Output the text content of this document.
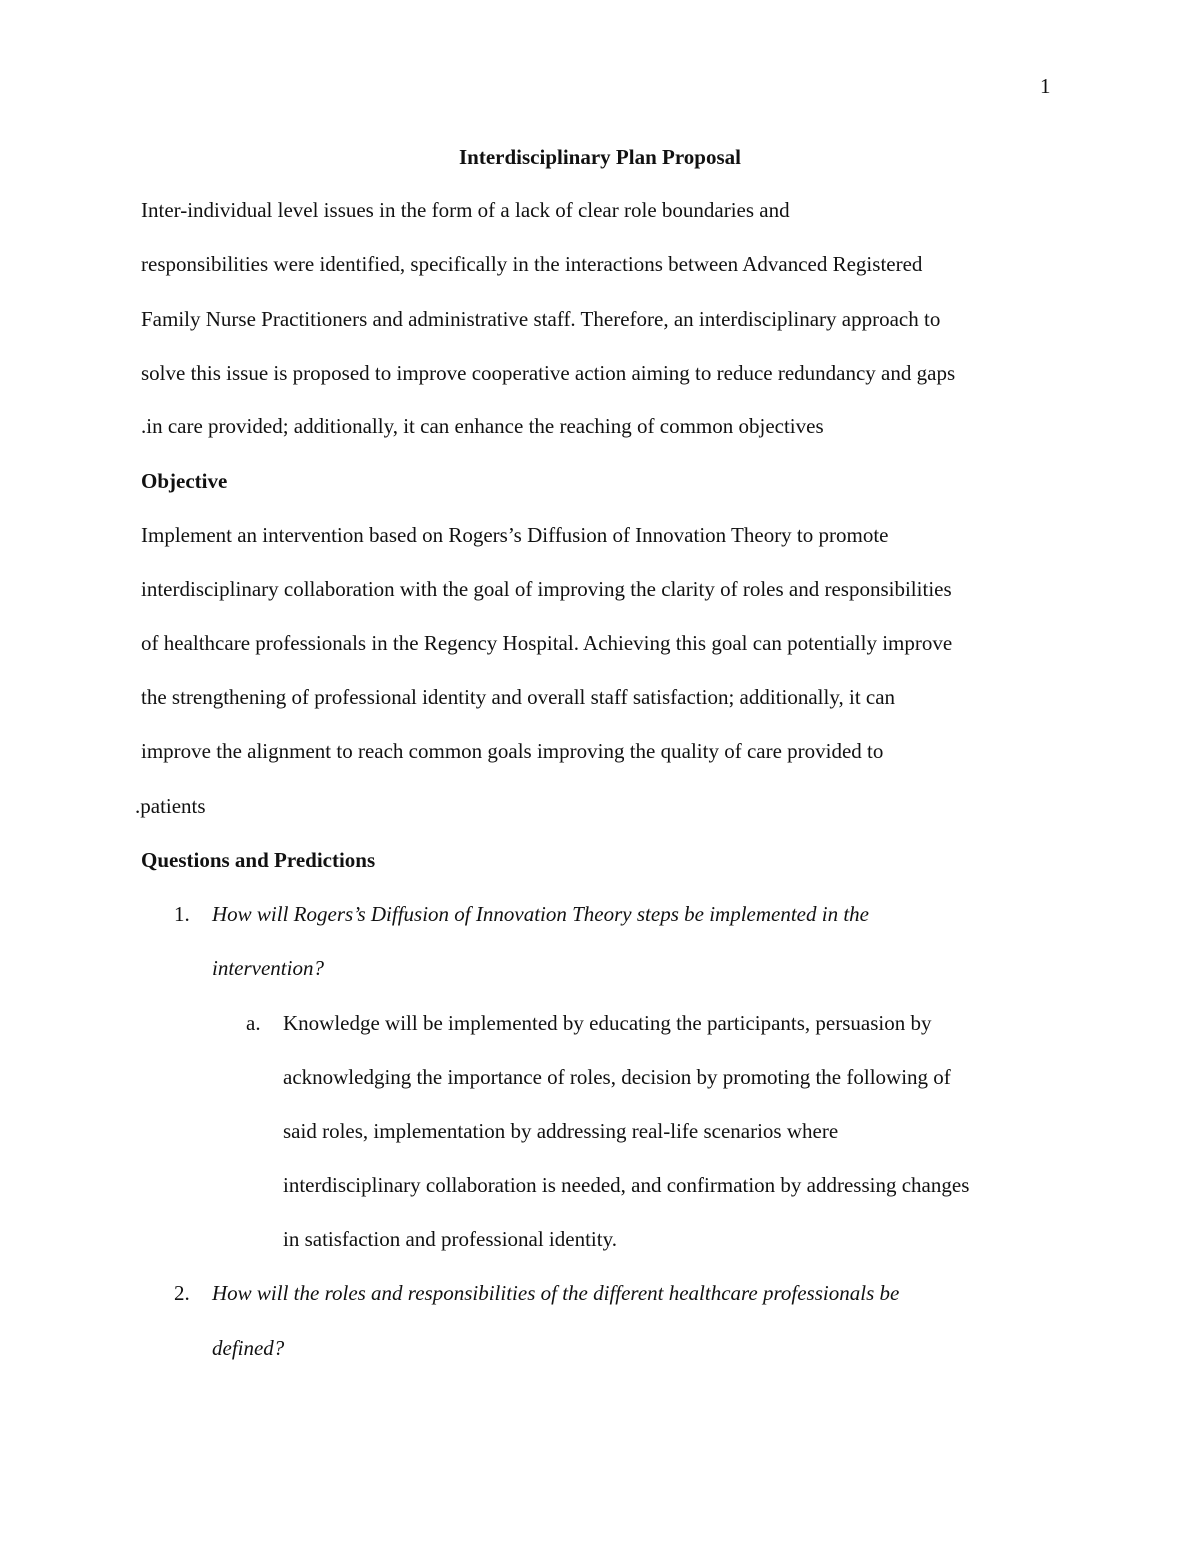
1
Interdisciplinary Plan Proposal
Inter-individual level issues in the form of a lack of clear role boundaries and
responsibilities were identified, specifically in the interactions between Advanced Registered
Family Nurse Practitioners and administrative staff. Therefore, an interdisciplinary approach to
solve this issue is proposed to improve cooperative action aiming to reduce redundancy and gaps
.in care provided; additionally, it can enhance the reaching of common objectives
Objective
Implement an intervention based on Rogers’s Diffusion of Innovation Theory to promote
interdisciplinary collaboration with the goal of improving the clarity of roles and responsibilities
of healthcare professionals in the Regency Hospital. Achieving this goal can potentially improve
the strengthening of professional identity and overall staff satisfaction; additionally, it can
improve the alignment to reach common goals improving the quality of care provided to
.patients
Questions and Predictions
1. How will Rogers’s Diffusion of Innovation Theory steps be implemented in the
intervention?
a. Knowledge will be implemented by educating the participants, persuasion by
acknowledging the importance of roles, decision by promoting the following of
said roles, implementation by addressing real-life scenarios where
interdisciplinary collaboration is needed, and confirmation by addressing changes
in satisfaction and professional identity.
2. How will the roles and responsibilities of the different healthcare professionals be
defined?
